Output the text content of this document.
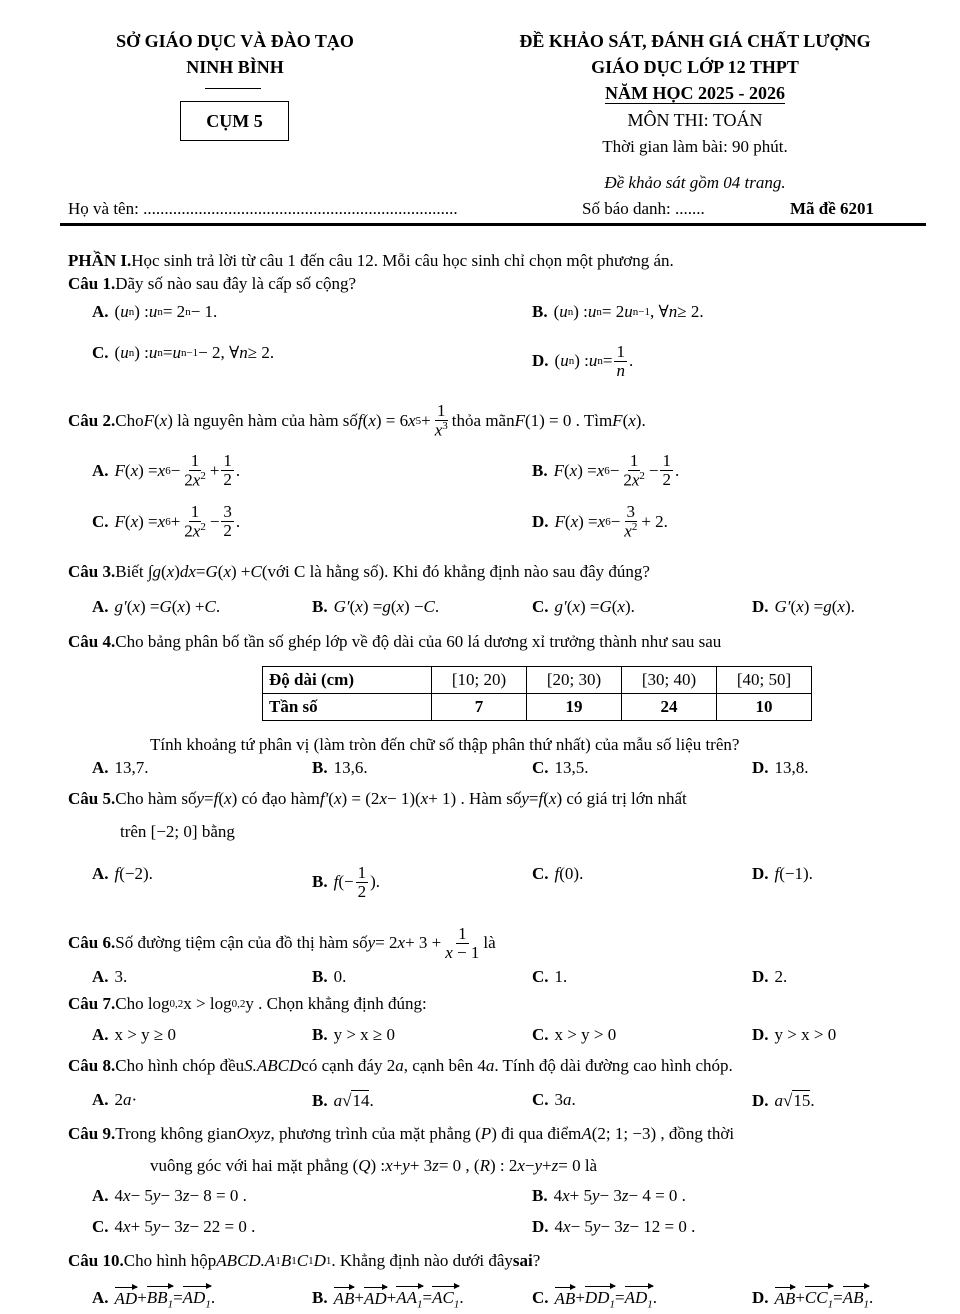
SỞ GIÁO DỤC VÀ ĐÀO TẠO
NINH BÌNH
CỤM 5
ĐỀ KHẢO SÁT, ĐÁNH GIÁ CHẤT LƯỢNG
GIÁO DỤC LỚP 12 THPT
NĂM HỌC 2025 - 2026
MÔN THI: TOÁN
Thời gian làm bài: 90 phút.
Đề khảo sát gồm 04 trang.
Họ và tên: ..........................................................................	Số báo danh: .......	Mã đề 6201
Độ dài (cm)	[10; 20)	[20; 30)	[30; 40)	[40; 50]
Tần số	7	19	24	10
PHẦN I. Học sinh trả lời từ câu 1 đến câu 12. Mỗi câu học sinh chỉ chọn một phương án.
Câu 1. Dãy số nào sau đây là cấp số cộng?
A. ( u n ) : u n = 2 n − 1.	B. ( u n ) : u n = 2 u n−1 , ∀ n ≥ 2.
C. ( u n ) : u n = u n−1 − 2, ∀ n ≥ 2.	D. ( u n ) : u $n = \frac{1}{n}$ .
Câu 2. Cho F ( x ) là nguyên hàm của hàm số f ( x ) = 6 x $5 + \frac{1}{x^3}$ thỏa mãn F (1) = 0 . Tìm F ( x ).
A. F ( x ) = x $6 - \frac{1}{2x^2} + \frac{1}{2}$ .	B. F ( x ) = x $6 - \frac{1}{2x^2} - \frac{1}{2}$ .
C. F ( x ) = x $6 + \frac{1}{2x^2} - \frac{3}{2}$ .	D. F ( x ) = x $6 - \frac{3}{x^2} + 2$.
Câu 3. Biết ∫ g ( x ) dx = G ( x ) + C (với C là hằng số). Khi đó khẳng định nào sau đây đúng?
A. g′ ( x ) = G ( x ) + C .	B. G′ ( x ) = g ( x ) − C .	C. g′ ( x ) = G ( x ).	D. G′ ( x ) = g ( x ).
Câu 4. Cho bảng phân bố tần số ghép lớp về độ dài của 60 lá dương xỉ trưởng thành như sau sau
Tính khoảng tứ phân vị (làm tròn đến chữ số thập phân thứ nhất) của mẫu số liệu trên?
A. 13,7.	B. 13,6.	C. 13,5.	D. 13,8.
Câu 5. Cho hàm số y = f ( x ) có đạo hàm f′ ( x ) = (2 x − 1)( x + 1) . Hàm số y = f ( x ) có giá trị lớn nhất
trên [−2; 0] bằng
A. f (−2).	B. f (− $\frac{1}{2}$ ).	C. f (0).	D. f (−1).
Câu 6. Số đường tiệm cận của đồ thị hàm số y = 2 $x + 3 + \frac{1}{x - 1}$ là
A. 3.	B. 0.	C. 1.	D. 2.
Câu 7. Cho log 0,2 x > log 0,2 y . Chọn khẳng định đúng:
A. x > y ≥ 0	B. y > x ≥ 0	C. x > y > 0	D. y > x > 0
Câu 8. Cho hình chóp đều S.ABCD có cạnh đáy 2 a , cạnh bên 4 a . Tính độ dài đường cao hình chóp.
A. 2 a ·	B. a √ 14 .	C. 3 a .	D. a √ 15 .
Câu 9. Trong không gian Oxyz , phương trình của mặt phẳng ( P ) đi qua điểm A (2; 1; −3) , đồng thời
vuông góc với hai mặt phẳng ( Q ) : x + y + 3 z = 0 , ( R ) : 2 x − y + z = 0 là
A. 4 x − 5 y − 3 z − 8 = 0 .	B. 4 x + 5 y − 3 z − 4 = 0 .
C. 4 x + 5 y − 3 z − 22 = 0 .	D. 4 x − 5 y − 3 z − 12 = 0 .
Câu 10. Cho hình hộp ABCD.A 1 B 1 C 1 D 1 . Khẳng định nào dưới đây sai ?
A. AD + $BB_1 = AD_1$ .	B. AB + AD + $AA_1 = AC_1$ .	C. AB + $DD_1 = AD_1$ .	D. AB + $CC_1 = AB_1$ .
